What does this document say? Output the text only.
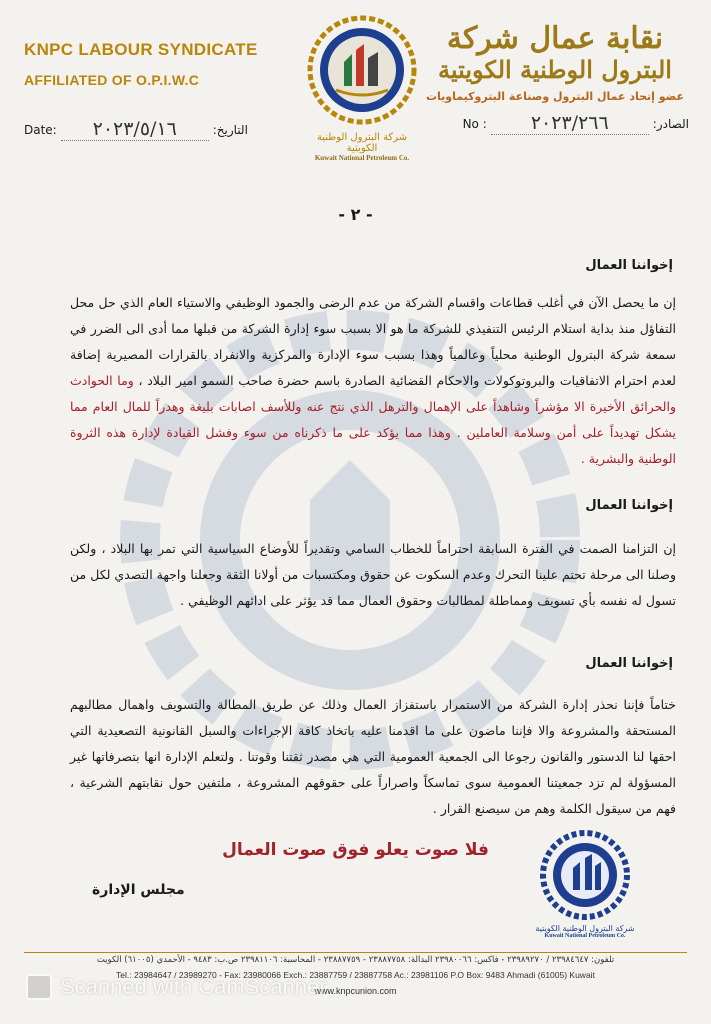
KNPC LABOUR SYNDICATE
AFFILIATED OF O.P.I.W.C
شركة البترول الوطنية الكويتية
Kuwait National Petroleum Co.
نقابة عمال شركة
البترول الوطنية الكويتية
عضو إتحاد عمال البترول وصناعة البتروكيماويات
Date:	٢٠٢٣/٥/١٦	التاريخ:	No :	٢٠٢٣/٢٦٦	الصادر:
- ٢ -
إخواننا العمال
إن ما يحصل الآن في أغلب قطاعات واقسام الشركة من عدم الرضى والجمود الوظيفي والاستياء العام الذي حل محل التفاؤل منذ بداية استلام الرئيس التنفيذي للشركة ما هو الا بسبب سوء إدارة الشركة من قبلها مما أدى الى الضرر في سمعة شركة البترول الوطنية محلياً وعالمياً وهذا بسبب سوء الإدارة والمركزية والانفراد بالقرارات المصيرية إضافة لعدم احترام الاتفاقيات والبروتوكولات والاحكام القضائية الصادرة باسم حضرة صاحب السمو امير البلاد ، وما الحوادث والحرائق الأخيرة الا مؤشراً وشاهداً على الإهمال والترهل الذي نتج عنه وللأسف اصابات بليغة وهدراً للمال العام مما يشكل تهديداً على أمن وسلامة العاملين . وهذا مما يؤكد على ما ذكرناه من سوء وفشل القيادة لإدارة هذه الثروة الوطنية والبشرية .
إخواننا العمال
إن التزامنا الصمت في الفترة السابقة احتراماً للخطاب السامي وتقديراً للأوضاع السياسية التي تمر بها البلاد ، ولكن وصلنا الى مرحلة تحتم علينا التحرك وعدم السكوت عن حقوق ومكتسبات من أولانا الثقة وجعلنا واجهة التصدي لكل من تسول له نفسه بأي تسويف ومماطلة لمطالبات وحقوق العمال مما قد يؤثر على ادائهم الوظيفي .
إخواننا العمال
ختاماً فإننا نحذر إدارة الشركة من الاستمرار باستفزاز العمال وذلك عن طريق المطالة والتسويف واهمال مطالبهم المستحقة والمشروعة والا فإننا ماضون على ما اقدمنا عليه باتخاذ كافة الإجراءات والسبل القانونية التصعيدية التي احقها لنا الدستور والقانون رجوعا الى الجمعية العمومية التي هي مصدر ثقتنا وقوتنا . ولتعلم الإدارة انها بتصرفاتها غير المسؤولة لم تزد جمعيتنا العمومية سوى تماسكاً واصراراً على حقوقهم المشروعة ، ملتفين حول نقابتهم الشرعية ، فهم من سيقول الكلمة وهم من سيصنع القرار .
فلا صوت يعلو فوق صوت العمال
مجلس الإدارة
شركة البترول الوطنية الكويتية
Kuwait National Petroleum Co.
تلفون: ٢٣٩٨٤٦٤٧ / ٢٣٩٨٩٢٧٠ - فاكس: ٢٣٩٨٠٠٦٦ البدالة: ٢٣٨٨٧٧٥٨ - ٢٣٨٨٧٧٥٩ - المحاسبة: ٢٣٩٨١١٠٦ ص.ب: ٩٤٨٣ - الأحمدي (٦١٠٠٥) الكويت
Tel.: 23984647 / 23989270 - Fax: 23980066 Exch.: 23887759 / 23887758 Ac.: 23981106 P.O Box: 9483 Ahmadi (61005) Kuwait
www.knpcunion.com
Scanned with CamScanner
